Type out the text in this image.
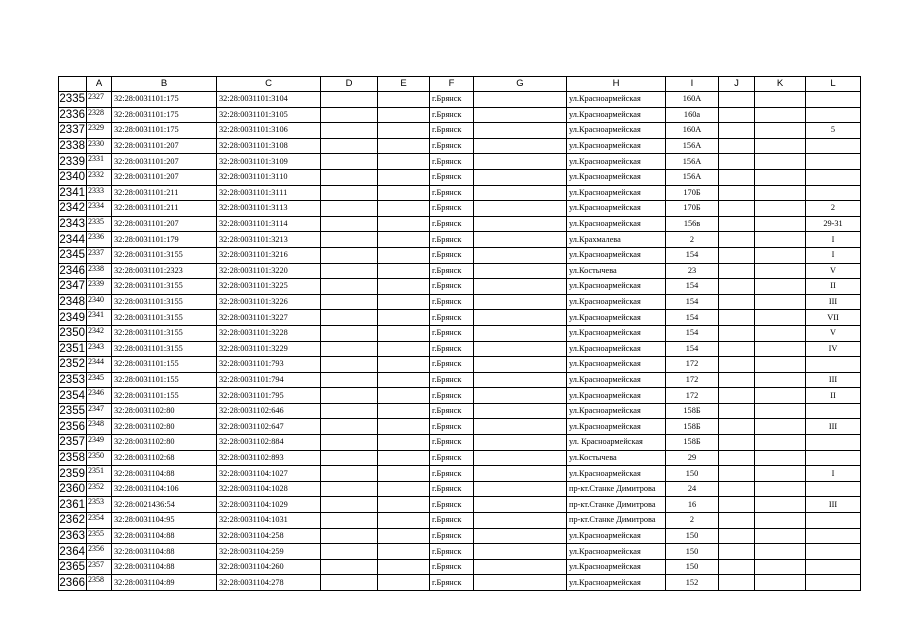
	A	B	C	D	E	F	G	H	I	J	K	L
2335	2327	32:28:0031101:175	32:28:0031101:3104			г.Брянск		ул.Красноармейская	160А			
2336	2328	32:28:0031101:175	32:28:0031101:3105			г.Брянск		ул.Красноармейская	160а			
2337	2329	32:28:0031101:175	32:28:0031101:3106			г.Брянск		ул.Красноармейская	160А			5
2338	2330	32:28:0031101:207	32:28:0031101:3108			г.Брянск		ул.Красноармейская	156А			
2339	2331	32:28:0031101:207	32:28:0031101:3109			г.Брянск		ул.Красноармейская	156А			
2340	2332	32:28:0031101:207	32:28:0031101:3110			г.Брянск		ул.Красноармейская	156А			
2341	2333	32:28:0031101:211	32:28:0031101:3111			г.Брянск		ул.Красноармейская	170Б			
2342	2334	32:28:0031101:211	32:28:0031101:3113			г.Брянск		ул.Красноармейская	170Б			2
2343	2335	32:28:0031101:207	32:28:0031101:3114			г.Брянск		ул.Красноармейская	156в			29-31
2344	2336	32:28:0031101:179	32:28:0031101:3213			г.Брянск		ул.Крахмалева	2			I
2345	2337	32:28:0031101:3155	32:28:0031101:3216			г.Брянск		ул.Красноармейская	154			I
2346	2338	32:28:0031101:2323	32:28:0031101:3220			г.Брянск		ул.Костычева	23			V
2347	2339	32:28:0031101:3155	32:28:0031101:3225			г.Брянск		ул.Красноармейская	154			II
2348	2340	32:28:0031101:3155	32:28:0031101:3226			г.Брянск		ул.Красноармейская	154			III
2349	2341	32:28:0031101:3155	32:28:0031101:3227			г.Брянск		ул.Красноармейская	154			VII
2350	2342	32:28:0031101:3155	32:28:0031101:3228			г.Брянск		ул.Красноармейская	154			V
2351	2343	32:28:0031101:3155	32:28:0031101:3229			г.Брянск		ул.Красноармейская	154			IV
2352	2344	32:28:0031101:155	32:28:0031101:793			г.Брянск		ул.Красноармейская	172			
2353	2345	32:28:0031101:155	32:28:0031101:794			г.Брянск		ул.Красноармейская	172			III
2354	2346	32:28:0031101:155	32:28:0031101:795			г.Брянск		ул.Красноармейская	172			II
2355	2347	32:28:0031102:80	32:28:0031102:646			г.Брянск		ул.Красноармейская	158Б			
2356	2348	32:28:0031102:80	32:28:0031102:647			г.Брянск		ул.Красноармейская	158Б			III
2357	2349	32:28:0031102:80	32:28:0031102:884			г.Брянск		ул. Красноармейская	158Б			
2358	2350	32:28:0031102:68	32:28:0031102:893			г.Брянск		ул.Костычева	29			
2359	2351	32:28:0031104:88	32:28:0031104:1027			г.Брянск		ул.Красноармейская	150			I
2360	2352	32:28:0031104:106	32:28:0031104:1028			г.Брянск		пр-кт.Станке Димитрова	24			
2361	2353	32:28:0021436:54	32:28:0031104:1029			г.Брянск		пр-кт.Станке Димитрова	16			III
2362	2354	32:28:0031104:95	32:28:0031104:1031			г.Брянск		пр-кт.Станке Димитрова	2			
2363	2355	32:28:0031104:88	32:28:0031104:258			г.Брянск		ул.Красноармейская	150			
2364	2356	32:28:0031104:88	32:28:0031104:259			г.Брянск		ул.Красноармейская	150			
2365	2357	32:28:0031104:88	32:28:0031104:260			г.Брянск		ул.Красноармейская	150			
2366	2358	32:28:0031104:89	32:28:0031104:278			г.Брянск		ул.Красноармейская	152			
